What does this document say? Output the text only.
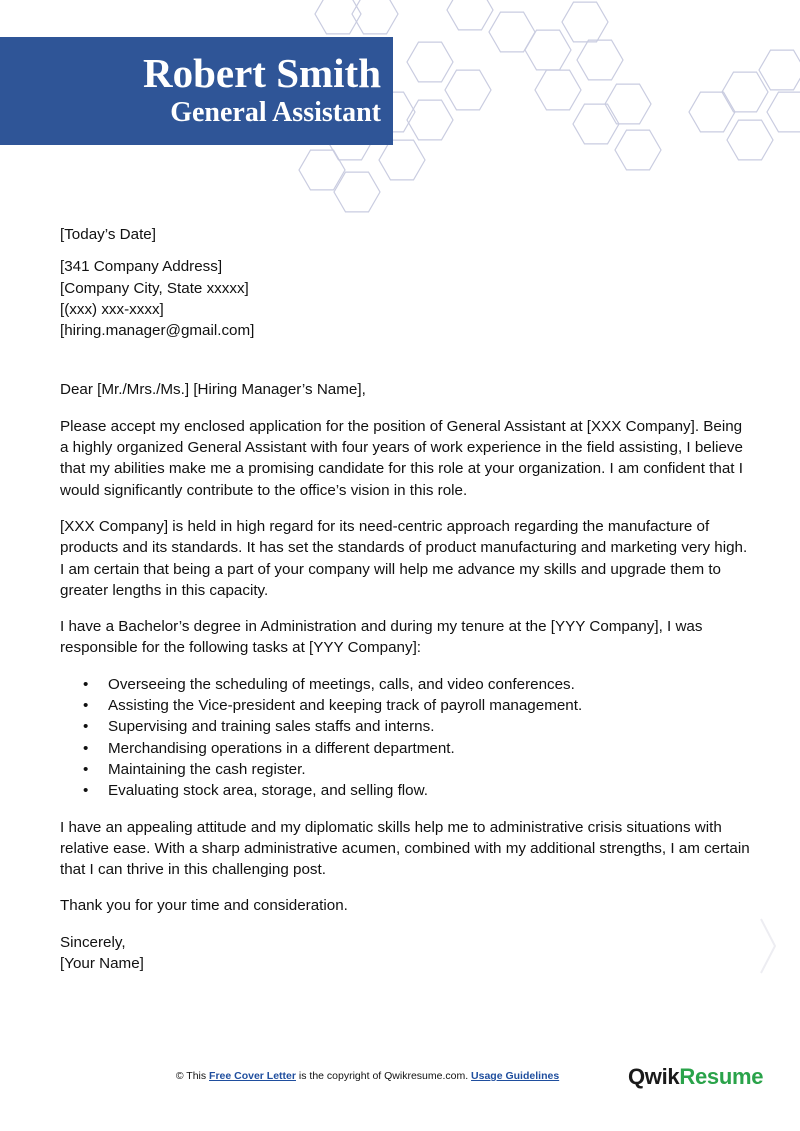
Robert Smith
General Assistant

[Today’s Date]

[341 Company Address]

[Company City, State xxxxx]

[(xxx) xxx-xxxx]

[hiring.manager@gmail.com]

Dear [Mr./Mrs./Ms.] [Hiring Manager’s Name],

Please accept my enclosed application for the position of General Assistant at [XXX Company]. Being a highly organized General Assistant with four years of work experience in the field assisting, I believe that my abilities make me a promising candidate for this role at your organization. I am confident that I would significantly contribute to the office’s vision in this role.

[XXX Company] is held in high regard for its need-centric approach regarding the manufacture of products and its standards. It has set the standards of product manufacturing and marketing very high. I am certain that being a part of your company will help me advance my skills and upgrade them to greater lengths in this capacity.

I have a Bachelor’s degree in Administration and during my tenure at the [YYY Company], I was responsible for the following tasks at [YYY Company]:

• Overseeing the scheduling of meetings, calls, and video conferences.
• Assisting the Vice-president and keeping track of payroll management.
• Supervising and training sales staffs and interns.
• Merchandising operations in a different department.
• Maintaining the cash register.
• Evaluating stock area, storage, and selling flow.

I have an appealing attitude and my diplomatic skills help me to administrative crisis situations with relative ease. With a sharp administrative acumen, combined with my additional strengths, I am certain that I can thrive in this challenging post.

Thank you for your time and consideration.

Sincerely,

[Your Name]

© This Free Cover Letter is the copyright of Qwikresume.com. Usage Guidelines	QwikResume
